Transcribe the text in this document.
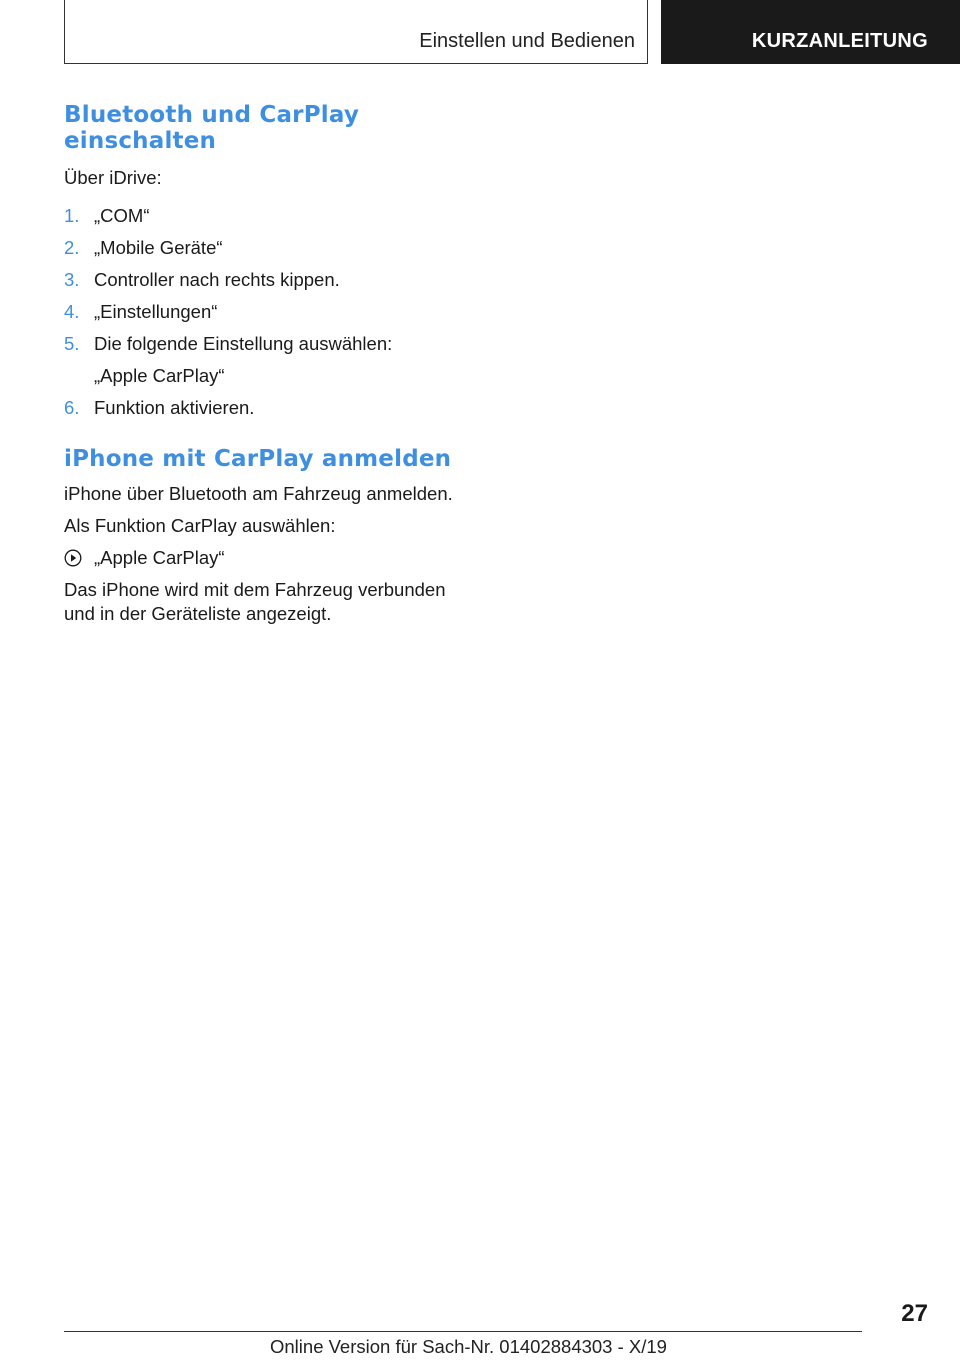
Einstellen und Bedienen	KURZANLEITUNG
Bluetooth und CarPlay einschalten

Über iDrive:

1. „COM“
2. „Mobile Geräte“
3. Controller nach rechts kippen.
4. „Einstellungen“
5. Die folgende Einstellung auswählen:
„Apple CarPlay“
6. Funktion aktivieren.
iPhone mit CarPlay anmelden

iPhone über Bluetooth am Fahrzeug anmelden.

Als Funktion CarPlay auswählen:

„Apple CarPlay“

Das iPhone wird mit dem Fahrzeug verbunden und in der Geräteliste angezeigt.

27
Online Version für Sach-Nr. 01402884303 - X/19
